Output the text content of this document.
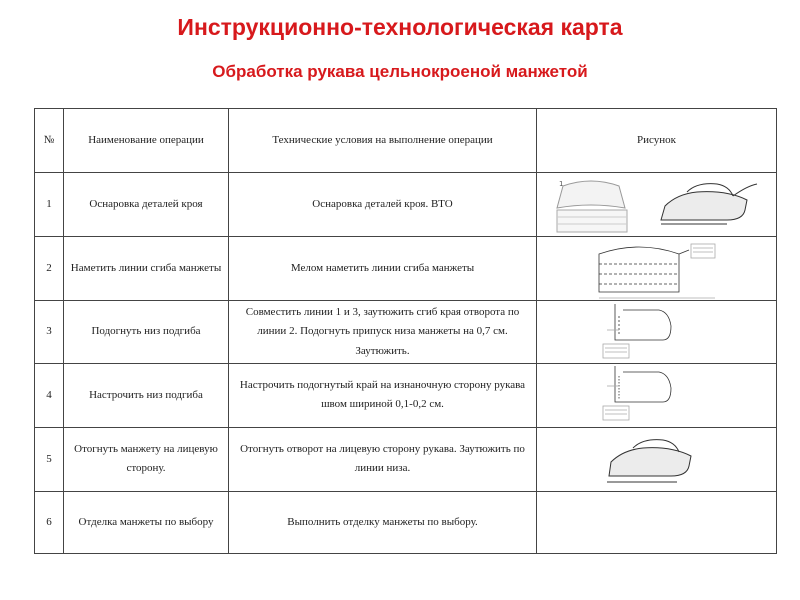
Инструкционно-технологическая карта
Обработка рукава цельнокроеной манжетой
№	Наименование операции	Технические условия на выполнение операции	Рисунок
1	Оснаровка деталей кроя	Оснаровка деталей кроя. ВТО	1

2	Наметить линии сгиба манжеты	Мелом наметить линии сгиба манжеты	

3	Подогнуть низ подгиба	Совместить линии 1 и 3, заутюжить сгиб края отворота по линии 2. Подогнуть припуск низа манжеты на 0,7 см. Заутюжить.	

4	Настрочить низ подгиба	Настрочить подогнутый край на изнаночную сторону рукава швом шириной 0,1-0,2 см.	

5	Отогнуть манжету на лицевую сторону.	Отогнуть отворот на лицевую сторону рукава. Заутюжить по линии низа.	

6	Отделка манжеты по выбору	Выполнить отделку манжеты по выбору.	
